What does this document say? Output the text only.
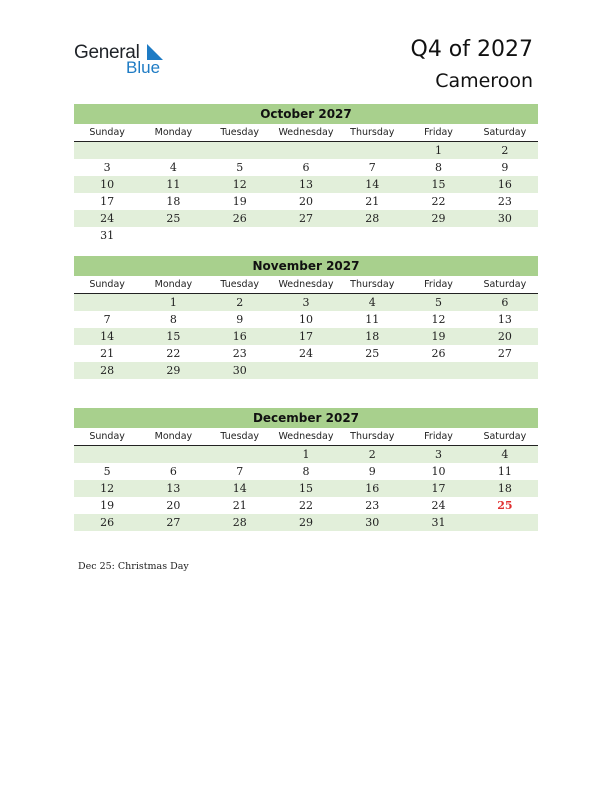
General
Blue
Q4 of 2027
Cameroon
October 2027
Sunday	Monday	Tuesday	Wednesday	Thursday	Friday	Saturday
					1	2
3	4	5	6	7	8	9
10	11	12	13	14	15	16
17	18	19	20	21	22	23
24	25	26	27	28	29	30
31						
November 2027
Sunday	Monday	Tuesday	Wednesday	Thursday	Friday	Saturday
	1	2	3	4	5	6
7	8	9	10	11	12	13
14	15	16	17	18	19	20
21	22	23	24	25	26	27
28	29	30				
December 2027
Sunday	Monday	Tuesday	Wednesday	Thursday	Friday	Saturday
			1	2	3	4
5	6	7	8	9	10	11
12	13	14	15	16	17	18
19	20	21	22	23	24	25
26	27	28	29	30	31	
Dec 25: Christmas Day
